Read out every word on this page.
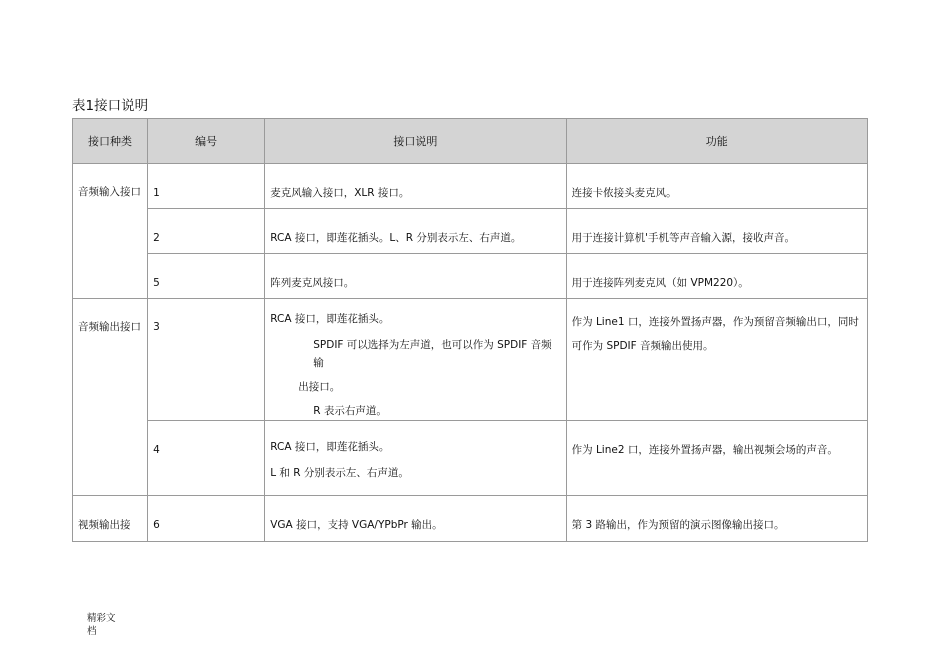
表1接口说明
接口种类	编号	接口说明	功能

音频输入接口	1	麦克风输入接口，XLR 接口。	连接卡侬接头麦克风。

	2	RCA 接口，即莲花插头。L、R 分别表示左、右声道。	用于连接计算机'手机等声音输入源，接收声音。

	5	阵列麦克风接口。	用于连接阵列麦克风（如 VPM220）。

音频输出接口	3	RCA 接口，即莲花插头。
SPDIF 可以选择为左声道，也可以作为 SPDIF 音频输
出接口。
R 表示右声道。	作为 Line1 口，连接外置扬声器，作为预留音频输出口，同时可作为 SPDIF 音频输出使用。

	4	RCA 接口，即莲花插头。
L 和 R 分别表示左、右声道。	作为 Line2 口，连接外置扬声器，输出视频会场的声音。

视频输出接	6	VGA 接口，支持 VGA/YPbPr 输出。	第 3 路输出，作为预留的演示图像输出接口。
精彩文
档
